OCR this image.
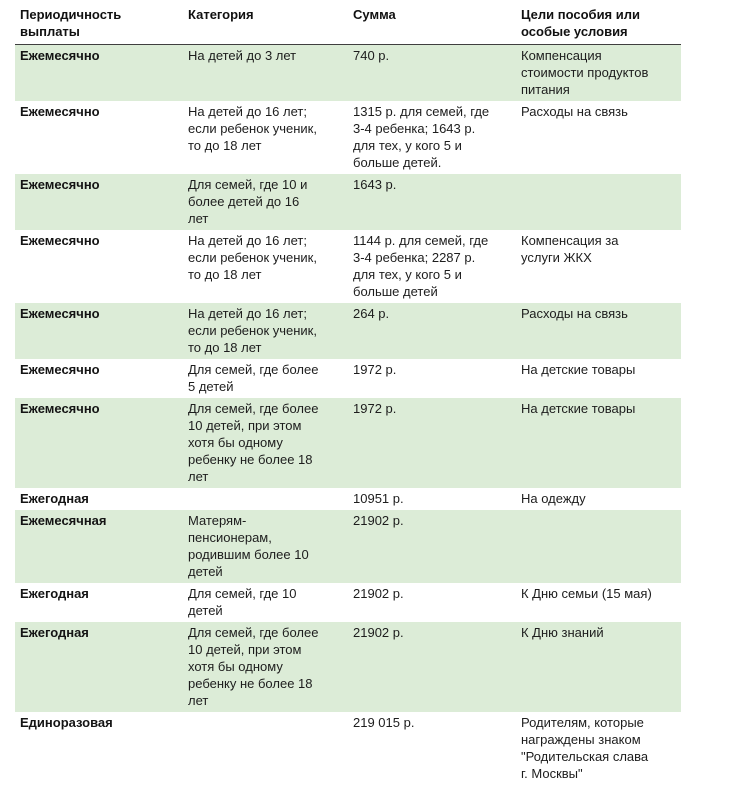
Периодичность выплаты	Категория	Сумма	Цели пособия или особые условия
Ежемесячно	На детей до 3 лет	740 р.	Компенсация стоимости продуктов питания
Ежемесячно	На детей до 16 лет; если ребенок ученик, то до 18 лет	1315 р. для семей, где 3-4 ребенка; 1643 р. для тех, у кого 5 и больше детей.	Расходы на связь
Ежемесячно	Для семей, где 10 и более детей до 16 лет	1643 р.	
Ежемесячно	На детей до 16 лет; если ребенок ученик, то до 18 лет	1144 р. для семей, где 3-4 ребенка; 2287 р. для тех, у кого 5 и больше детей	Компенсация за услуги ЖКХ
Ежемесячно	На детей до 16 лет; если ребенок ученик, то до 18 лет	264 р.	Расходы на связь
Ежемесячно	Для семей, где более 5 детей	1972 р.	На детские товары
Ежемесячно	Для семей, где более 10 детей, при этом хотя бы одному ребенку не более 18 лет	1972 р.	На детские товары
Ежегодная		10951 р.	На одежду
Ежемесячная	Матерям-пенсионерам, родившим более 10 детей	21902 р.	
Ежегодная	Для семей, где 10 детей	21902 р.	К Дню семьи (15 мая)
Ежегодная	Для семей, где более 10 детей, при этом хотя бы одному ребенку не более 18 лет	21902 р.	К Дню знаний
Единоразовая		219 015 р.	Родителям, которые награждены знаком "Родительская слава г. Москвы"
